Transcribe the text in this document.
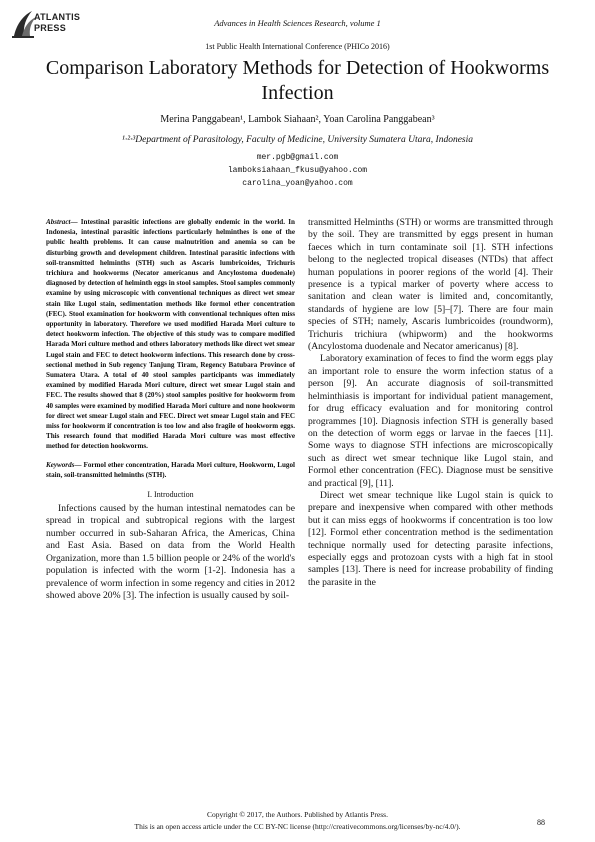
ATLANTIS
PRESS	Advances in Health Sciences Research, volume 1
1st Public Health International Conference (PHICo 2016)
Comparison Laboratory Methods for Detection of Hookworms Infection
Merina Panggabean¹, Lambok Siahaan², Yoan Carolina Panggabean³
¹·²·³Department of Parasitology, Faculty of Medicine, University Sumatera Utara, Indonesia
mer.pgb@gmail.com
lamboksiahaan_fkusu@yahoo.com
carolina_yoan@yahoo.com

Abstract— Intestinal parasitic infections are globally endemic in the world. In Indonesia, intestinal parasitic infections particularly helminthes is one of the public health problems. It can cause malnutrition and anemia so can be disturbing growth and development children. Intestinal parasitic infections with soil-transmitted helminths (STH) such as Ascaris lumbricoides, Trichuris trichiura and hookworms (Necator americanus and Ancylostoma duodenale) diagnosed by detection of helminth eggs in stool samples. Stool samples commonly examine by using microscopic with conventional techniques as direct wet smear stain like Lugol stain, sedimentation methods like formol ether concentration (FEC). Stool examination for hookworm with conventional techniques often miss opportunity in laboratory. Therefore we used modified Harada Mori culture to detect hookworm infection. The objective of this study was to compare modified Harada Mori culture method and others laboratory methods like direct wet smear Lugol stain and FEC to detect hookworm infections. This research done by cross-sectional method in Sub regency Tanjung Tiram, Regency Batubara Province of Sumatera Utara. A total of 40 stool samples participants was immediately examined by modified Harada Mori culture, direct wet smear Lugol stain and FEC. The results showed that 8 (20%) stool samples positive for hookworm from 40 samples were examined by modified Harada Mori culture and none hookworm for direct wet smear Lugol stain and FEC. Direct wet smear Lugol stain and FEC miss for hookworm if concentration is too low and also fragile of hookworm eggs. This research found that modified Harada Mori culture was most effective method for detection hookworms.

Keywords— Formol ether concentration, Harada Mori culture, Hookworm, Lugol stain, soil-transmitted helminths (STH).

I. Introduction

Infections caused by the human intestinal nematodes can be spread in tropical and subtropical regions with the largest number occurred in sub-Saharan Africa, the Americas, China and East Asia. Based on data from the World Health Organization, more than 1.5 billion people or 24% of the world's population is infected with the worm [1-2]. Indonesia has a prevalence of worm infection in some regency and cities in 2012 showed above 20% [3]. The infection is usually caused by soil-

transmitted Helminths (STH) or worms are transmitted through by the soil. They are transmitted by eggs present in human faeces which in turn contaminate soil [1]. STH infections belong to the neglected tropical diseases (NTDs) that affect human populations in poorer regions of the world [4]. Their presence is a typical marker of poverty where access to sanitation and clean water is limited and, concomitantly, standards of hygiene are low [5]–[7]. There are four main species of STH; namely, Ascaris lumbricoides (roundworm), Trichuris trichiura (whipworm) and the hookworms (Ancylostoma duodenale and Necator americanus) [8].

Laboratory examination of feces to find the worm eggs play an important role to ensure the worm infection status of a person [9]. An accurate diagnosis of soil-transmitted helminthiasis is important for individual patient management, for drug efficacy evaluation and for monitoring control programmes [10]. Diagnosis infection STH is generally based on the detection of worm eggs or larvae in the faeces [11]. Some ways to diagnose STH infections are microscopically such as direct wet smear technique like Lugol stain, and Formol ether concentration (FEC). Diagnose must be sensitive and practical [9], [11].

Direct wet smear technique like Lugol stain is quick to prepare and inexpensive when compared with other methods but it can miss eggs of hookworms if concentration is too low [12]. Formol ether concentration method is the sedimentation technique normally used for detecting parasite infections, especially eggs and protozoan cysts with a high fat in stool samples [13]. There is need for increase probability of finding the parasite in the

Copyright © 2017, the Authors. Published by Atlantis Press.
This is an open access article under the CC BY-NC license (http://creativecommons.org/licenses/by-nc/4.0/).	88
